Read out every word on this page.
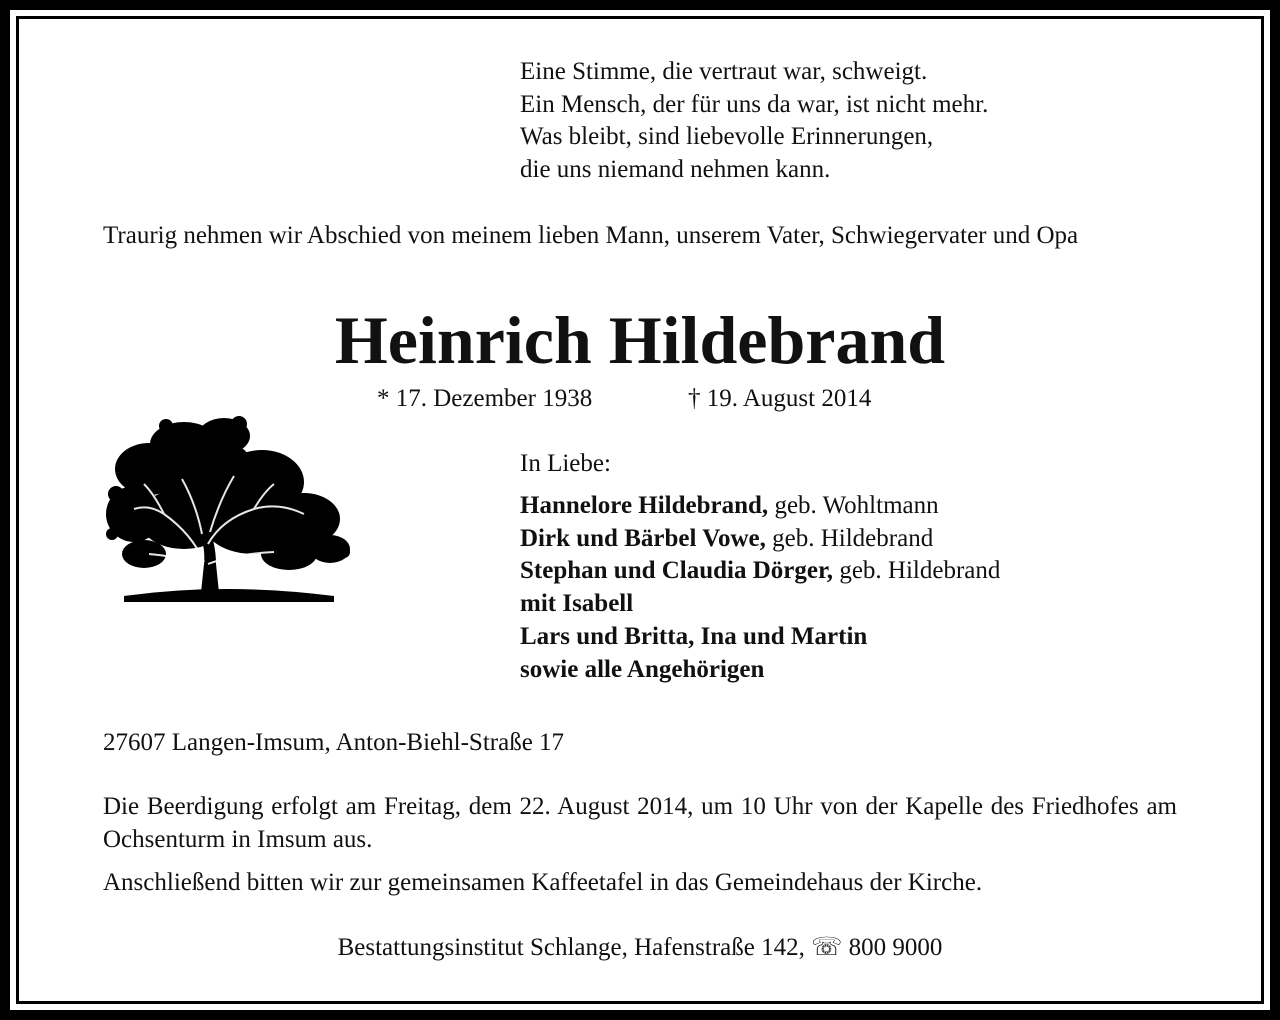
Eine Stimme, die vertraut war, schweigt.
Ein Mensch, der für uns da war, ist nicht mehr.
Was bleibt, sind liebevolle Erinnerungen,
die uns niemand nehmen kann.
Traurig nehmen wir Abschied von meinem lieben Mann, unserem Vater, Schwiegervater und Opa
Heinrich Hildebrand
* 17. Dezember 1938	† 19. August 2014
In Liebe:
Hannelore Hildebrand, geb. Wohltmann
Dirk und Bärbel Vowe, geb. Hildebrand
Stephan und Claudia Dörger, geb. Hildebrand
mit Isabell
Lars und Britta, Ina und Martin
sowie alle Angehörigen
27607 Langen-Imsum, Anton-Biehl-Straße 17
Die Beerdigung erfolgt am Freitag, dem 22. August 2014, um 10 Uhr von der Kapelle des Friedhofes am Ochsenturm in Imsum aus.
Anschließend bitten wir zur gemeinsamen Kaffeetafel in das Gemeindehaus der Kirche.
Bestattungsinstitut Schlange, Hafenstraße 142, ☏ 800 9000
